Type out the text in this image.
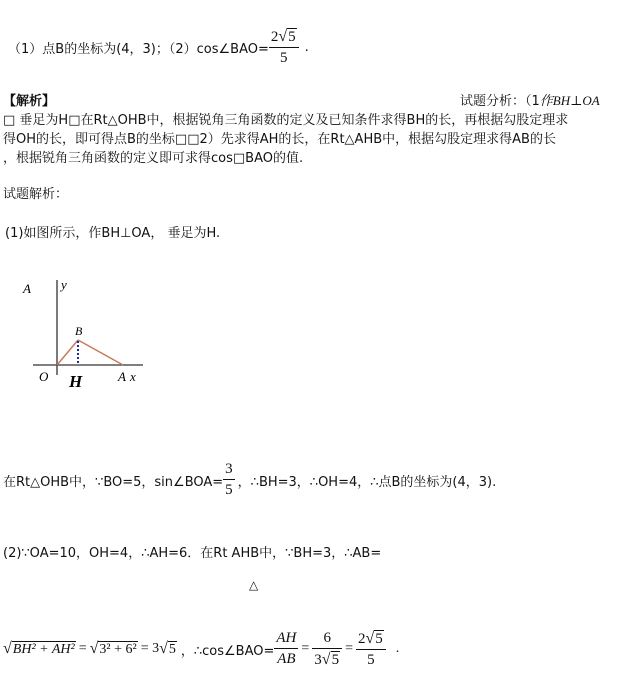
（1）点B的坐标为(4，3)；（2）cos∠BAO= $\frac{2√5}{5}$ .
【解析】	试题分析：（1作BH⊥OA
□ 垂足为H□在Rt△OHB中，根据锐角三角函数的定义及已知条件求得BH的长，再根据勾股定理求
得OH的长，即可得点B的坐标□□2）先求得AH的长，在Rt△AHB中，根据勾股定理求得AB的长
，根据锐角三角函数的定义即可求得cos□BAO的值.
试题解析：
(1)如图所示，作BH⊥OA， 垂足为H.
A y
B
O H	A x
在Rt△OHB中，∵BO=5，sin∠BOA= $\frac{3}{5}$ ，∴BH=3，∴OH=4，∴点B的坐标为(4，3).
(2)∵OA=10，OH=4，∴AH=6．在Rt AHB中，∵BH=3，∴AB=
△
√BH² + AH² = √3² + 6² = 3 √5 ，∴cos∠BAO= $\frac{AH}{AB} = \frac{6}{3√5} = \frac{2√5}{5}$ .
